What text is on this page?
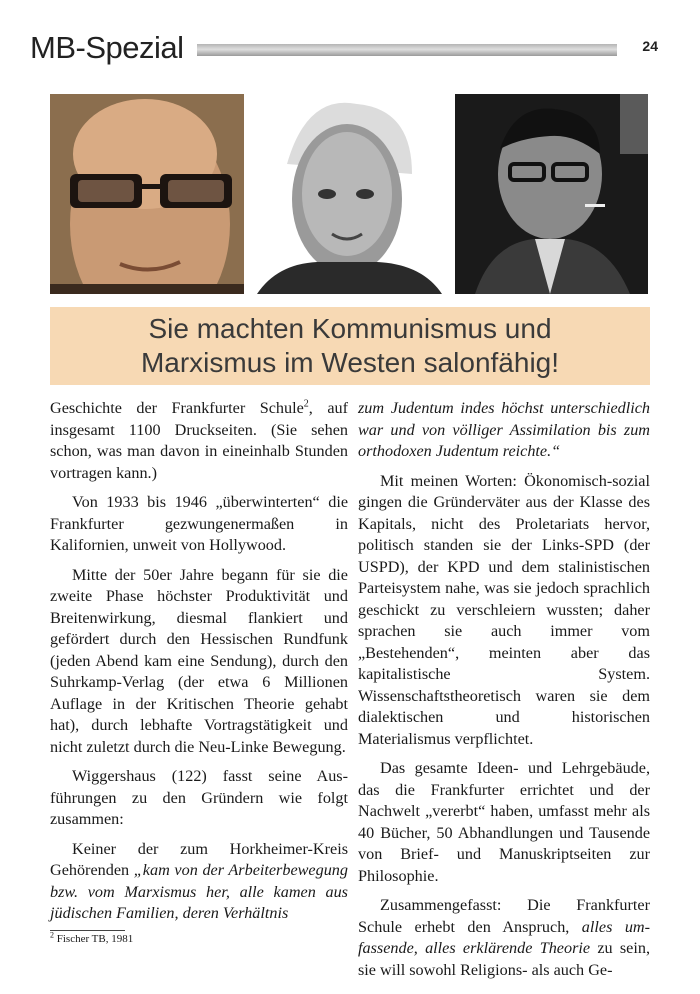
MB-Spezial	24
Sie machten Kommunismus und
Marxismus im Westen salonfähig!

Geschichte der Frankfurter Schule$^2$, auf insgesamt 1100 Druckseiten. (Sie sehen schon, was man davon in eineinhalb Stunden vortragen kann.)

Von 1933 bis 1946 „überwinterten“ die Frankfurter gezwungenermaßen in Kalifornien, unweit von Hollywood.

Mitte der 50er Jahre begann für sie die zweite Phase höchster Produktivität und Breitenwirkung, diesmal flankiert und gefördert durch den Hessischen Rundfunk (jeden Abend kam eine Sendung), durch den Suhrkamp-Verlag (der etwa 6 Millionen Auflage in der Kritischen Theorie gehabt hat), durch lebhafte Vortragstätigkeit und nicht zuletzt durch die Neu-Linke Bewegung.

Wiggershaus (122) fasst seine Ausführungen zu den Gründern wie folgt zusammen:

Keiner der zum Horkheimer-Kreis Gehörenden „kam von der Arbeiterbewegung bzw. vom Marxismus her, alle kamen aus jüdischen Familien, deren Verhältnis

zum Judentum indes höchst unterschiedlich war und von völliger Assimilation bis zum orthodoxen Judentum reichte.“

Mit meinen Worten: Ökonomisch-sozial gingen die Gründerväter aus der Klasse des Kapitals, nicht des Proletariats hervor, politisch standen sie der Links-SPD (der USPD), der KPD und dem stalinistischen Parteisystem nahe, was sie jedoch sprachlich geschickt zu verschleiern wussten; daher sprachen sie auch immer vom „Bestehenden“, meinten aber das kapitalistische System. Wissenschaftstheoretisch waren sie dem dialektischen und historischen Materialismus verpflichtet.

Das gesamte Ideen- und Lehrgebäude, das die Frankfurter errichtet und der Nachwelt „vererbt“ haben, umfasst mehr als 40 Bücher, 50 Abhandlungen und Tausende von Brief- und Manuskriptseiten zur Philosophie.

Zusammengefasst: Die Frankfurter Schule erhebt den Anspruch, alles umfassende, alles erklärende Theorie zu sein, sie will sowohl Religions- als auch Ge-

$^2$ Fischer TB, 1981
